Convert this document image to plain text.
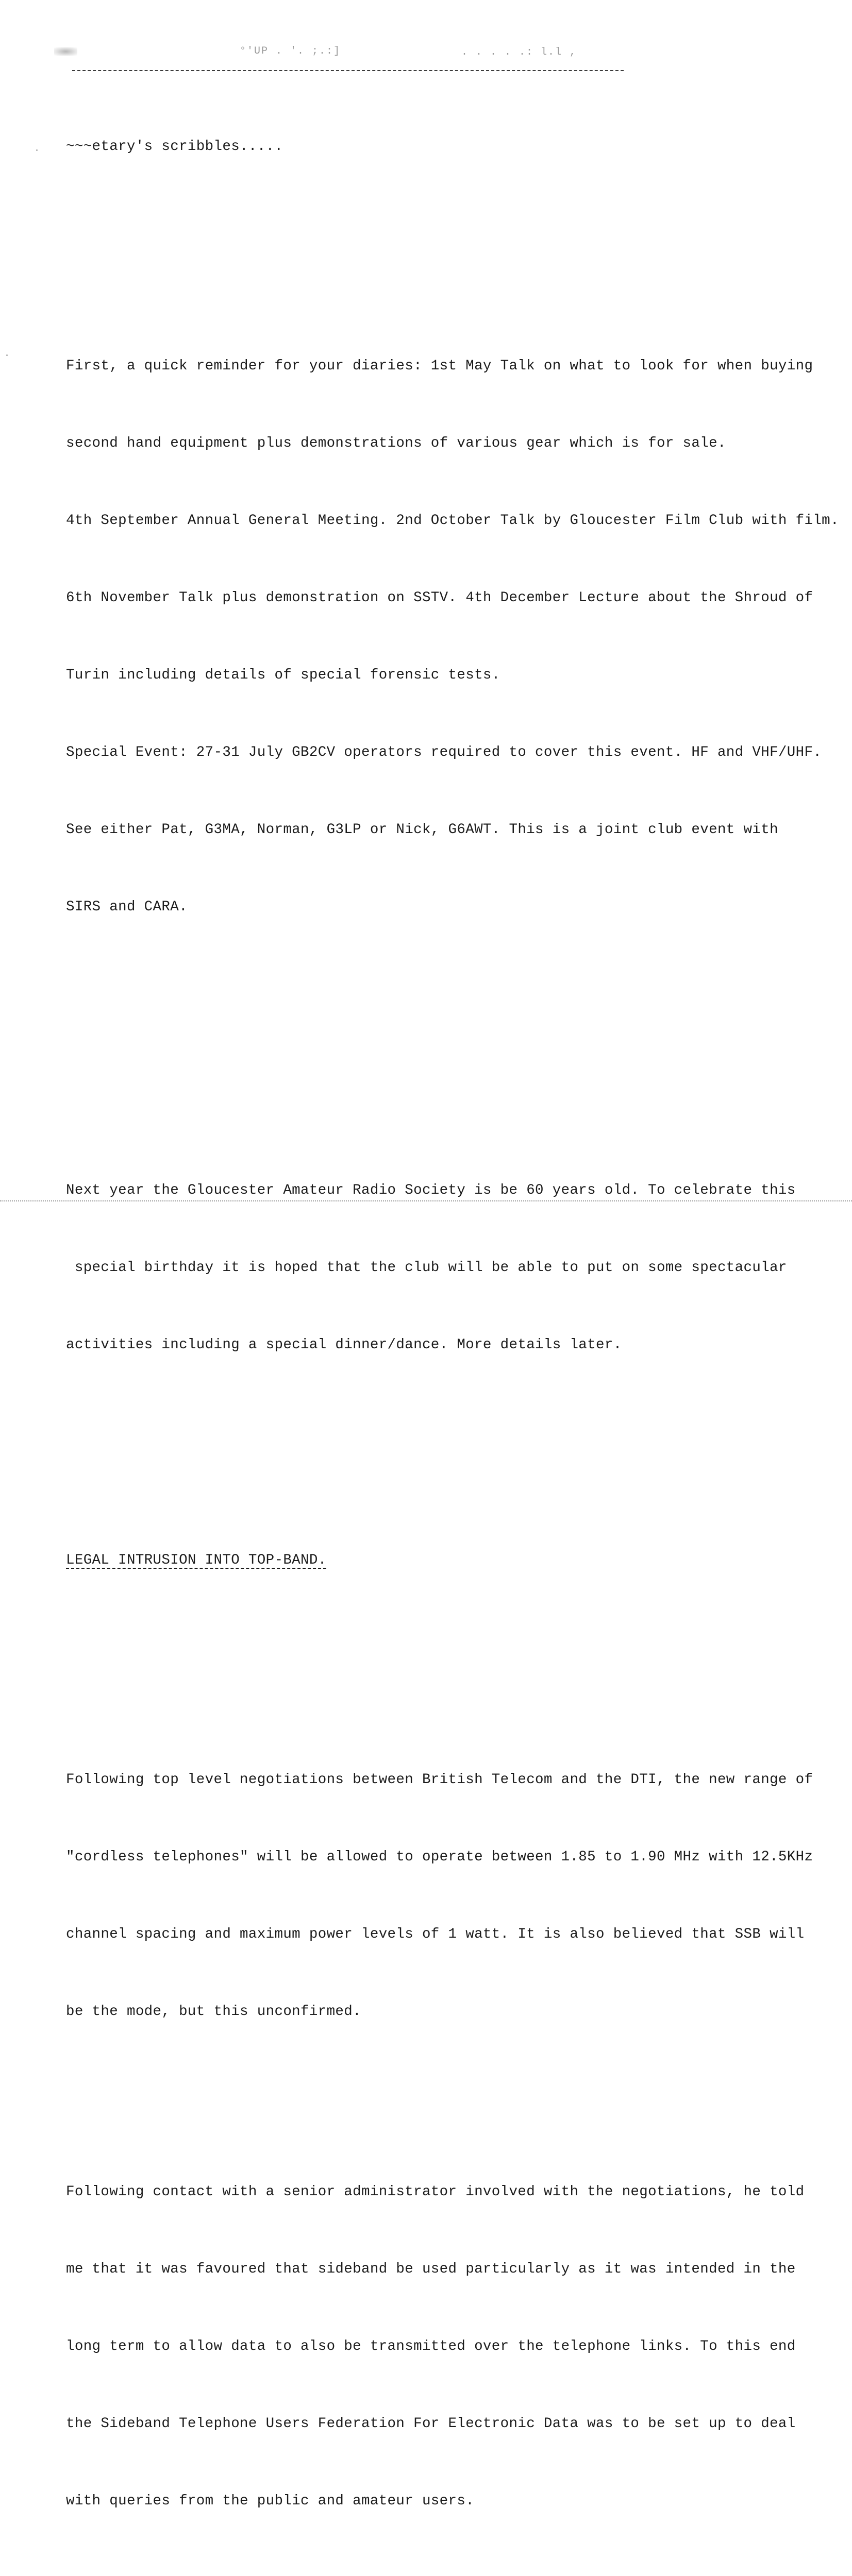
°'UP . '. ;.:]	. . . . .: l.l ,

~~~etary's scribbles.....

First, a quick reminder for your diaries: 1st May Talk on what to look for when buying

second hand equipment plus demonstrations of various gear which is for sale.

4th September Annual General Meeting. 2nd October Talk by Gloucester Film Club with film.

6th November Talk plus demonstration on SSTV. 4th December Lecture about the Shroud of

Turin including details of special forensic tests.

Special Event: 27-31 July GB2CV operators required to cover this event. HF and VHF/UHF.

See either Pat, G3MA, Norman, G3LP or Nick, G6AWT. This is a joint club event with

SIRS and CARA.

Next year the Gloucester Amateur Radio Society is be 60 years old. To celebrate this

special birthday it is hoped that the club will be able to put on some spectacular

activities including a special dinner/dance. More details later.

LEGAL INTRUSION INTO TOP-BAND.

Following top level negotiations between British Telecom and the DTI, the new range of

"cordless telephones" will be allowed to operate between 1.85 to 1.90 MHz with 12.5KHz

channel spacing and maximum power levels of 1 watt. It is also believed that SSB will

be the mode, but this unconfirmed.

Following contact with a senior administrator involved with the negotiations, he told

me that it was favoured that sideband be used particularly as it was intended in the

long term to allow data to also be transmitted over the telephone links. To this end

the Sideband Telephone Users Federation For Electronic Data was to be set up to deal

with queries from the public and amateur users.
